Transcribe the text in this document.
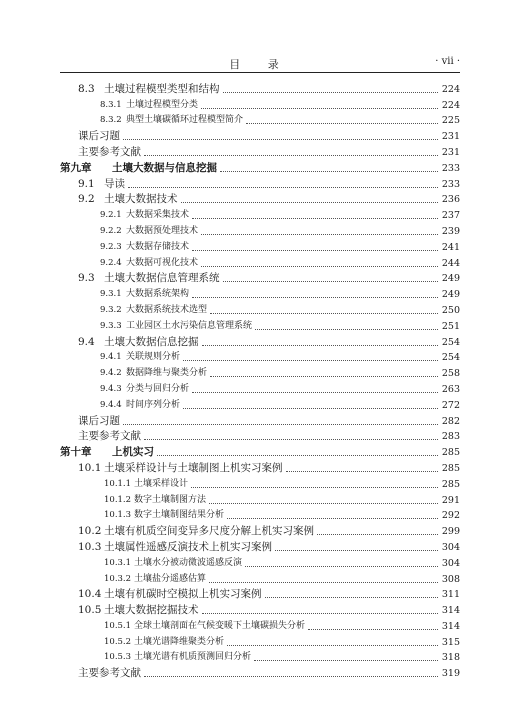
目 录	· vii ·
8.3 土壤过程模型类型和结构	224
8.3.1 土壤过程模型分类	224
8.3.2 典型土壤碳循环过程模型简介	225
课后习题	231
主要参考文献	231
第九章	土壤大数据与信息挖掘	233
9.1 导读	233
9.2 土壤大数据技术	236
9.2.1 大数据采集技术	237
9.2.2 大数据预处理技术	239
9.2.3 大数据存储技术	241
9.2.4 大数据可视化技术	244
9.3 土壤大数据信息管理系统	249
9.3.1 大数据系统架构	249
9.3.2 大数据系统技术选型	250
9.3.3 工业园区土水污染信息管理系统	251
9.4 土壤大数据信息挖掘	254
9.4.1 关联规则分析	254
9.4.2 数据降维与聚类分析	258
9.4.3 分类与回归分析	263
9.4.4 时间序列分析	272
课后习题	282
主要参考文献	283
第十章	上机实习	285
10.1 土壤采样设计与土壤制图上机实习案例	285
10.1.1 土壤采样设计	285
10.1.2 数字土壤制图方法	291
10.1.3 数字土壤制图结果分析	292
10.2 土壤有机质空间变异多尺度分解上机实习案例	299
10.3 土壤属性遥感反演技术上机实习案例	304
10.3.1 土壤水分被动微波遥感反演	304
10.3.2 土壤盐分遥感估算	308
10.4 土壤有机碳时空模拟上机实习案例	311
10.5 土壤大数据挖掘技术	314
10.5.1 全球土壤剖面在气候变暖下土壤碳损失分析	314
10.5.2 土壤光谱降维聚类分析	315
10.5.3 土壤光谱有机质预测回归分析	318
主要参考文献	319
